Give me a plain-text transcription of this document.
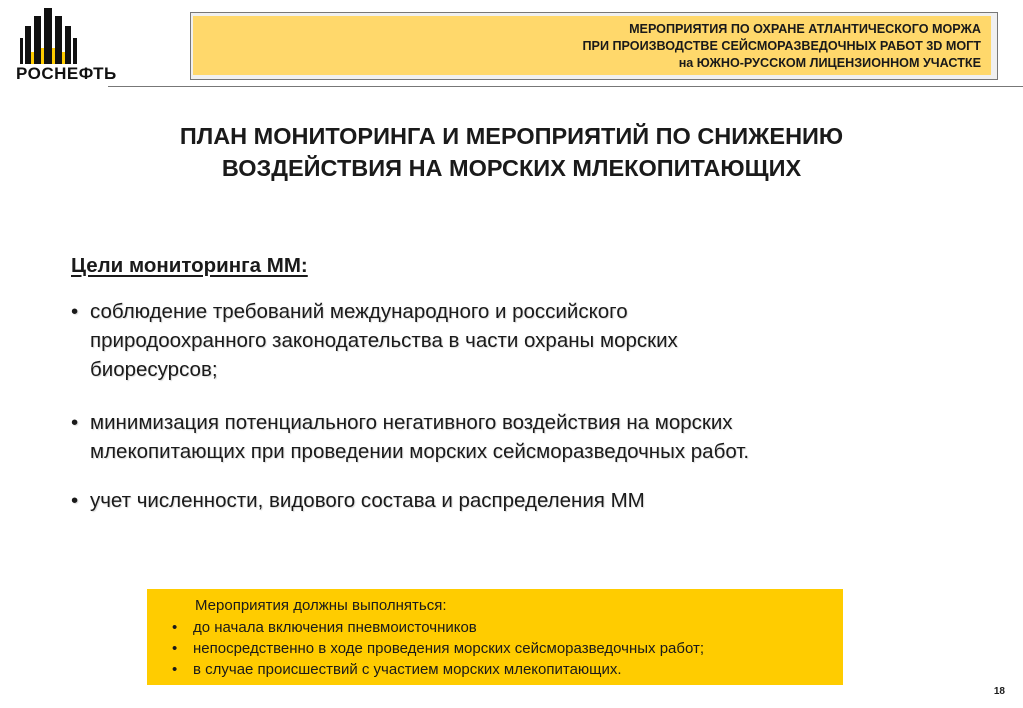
РОСНЕФТЬ
МЕРОПРИЯТИЯ ПО ОХРАНЕ АТЛАНТИЧЕСКОГО МОРЖА
ПРИ ПРОИЗВОДСТВЕ СЕЙСМОРАЗВЕДОЧНЫХ РАБОТ 3D МОГТ
на ЮЖНО-РУССКОМ ЛИЦЕНЗИОННОМ УЧАСТКЕ
ПЛАН МОНИТОРИНГА И МЕРОПРИЯТИЙ ПО СНИЖЕНИЮ
ВОЗДЕЙСТВИЯ НА МОРСКИХ МЛЕКОПИТАЮЩИХ
Цели мониторинга ММ:
• соблюдение требований международного и российского
природоохранного законодательства в части охраны морских
биоресурсов;
• минимизация потенциального негативного воздействия на морских
млекопитающих при проведении морских сейсморазведочных работ.
• учет численности, видового состава и распределения ММ
Мероприятия должны выполняться:
• до начала включения пневмоисточников
• непосредственно в ходе проведения морских сейсморазведочных работ;
• в случае происшествий с участием морских млекопитающих.
18
